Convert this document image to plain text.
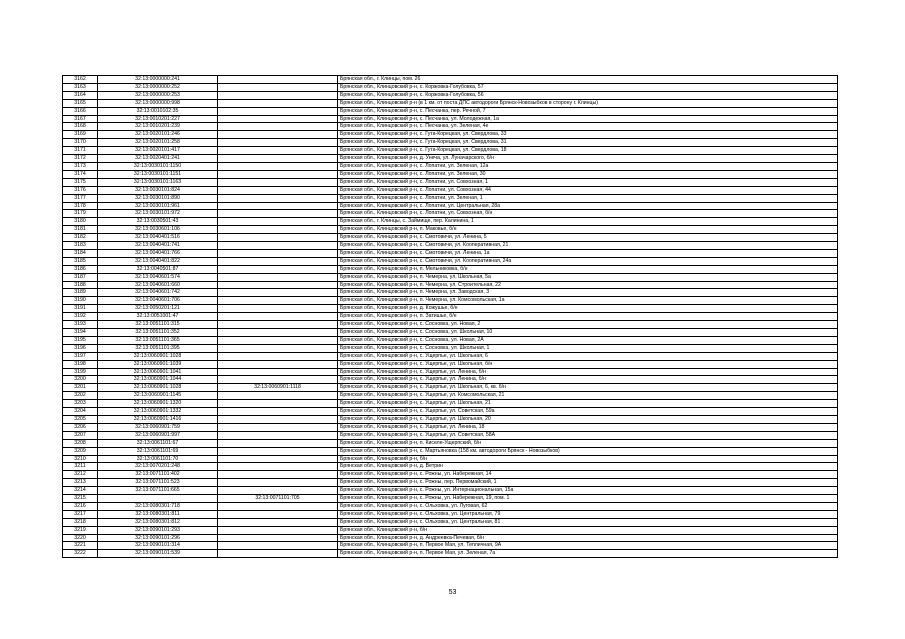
3162	32:13:0000000:241		Брянская обл., г. Клинцы, пом. 26
3163	32:13:0000000:252		Брянская обл., Клинцовский р-н, с. Коржовка-Голубовка, 57
3164	32:13:0000000:253		Брянская обл., Клинцовский р-н, с. Коржовка-Голубовка, 56
3165	32:13:0000000:998		Брянская обл., Клинцовский р-н (в 1 км. от поста ДПС автодороги Брянск-Новозыбков в сторону г. Клинцы)
3166	32:13:0010102:35		Брянская обл., Клинцовский р-н, с. Песчанка, пер. Речной, 7
3167	32:13:0010201:227		Брянская обл., Клинцовский р-н, с. Песчанка, ул. Молодежная, 1а
3168	32:13:0010201:239		Брянская обл., Клинцовский р-н, с. Песчанка, ул. Зеленая, 4е
3169	32:13:0020101:246		Брянская обл., Клинцовский р-н, с. Гута-Корецкая, ул. Свердлова, 33
3170	32:13:0020101:258		Брянская обл., Клинцовский р-н, с. Гута-Корецкая, ул. Свердлова, 31
3171	32:13:0020101:417		Брянская обл., Клинцовский р-н, с. Гута-Корецкая, ул. Свердлова, 18
3172	32:13:0020401:241		Брянская обл., Клинцовский р-н, д. Унеча, ул. Луначарского, б/н
3173	32:13:0030101:1150		Брянская обл., Клинцовский р-н, с. Лопатни, ул. Зеленая, 12а
3174	32:13:0030101:1151		Брянская обл., Клинцовский р-н, с. Лопатни, ул. Зеленая, 30
3175	32:13:0030101:1163		Брянская обл., Клинцовский р-н, с. Лопатни, ул. Совхозная, 1
3176	32:13:0030101:824		Брянская обл., Клинцовский р-н, с. Лопатни, ул. Совхозная, 44
3177	32:13:0030101:890		Брянская обл., Клинцовский р-н, с. Лопатни, ул. Зеленая, 1
3178	32:13:0030101:961		Брянская обл., Клинцовский р-н, с. Лопатни, ул. Центральная, 28а
3179	32:13:0030101:972		Брянская обл., Клинцовский р-н, с. Лопатни, ул. Совхозная, б/н
3180	32:13:0030501:43		Брянская обл., г. Клинцы, с. Займище, пер. Калинина, 1
3181	32:13:0030601:106		Брянская обл., Клинцовский р-н, п. Маковье, б/н
3182	32:13:0040401:516		Брянская обл., Клинцовский р-н, с. Смотовичи, ул. Ленина, 5
3183	32:13:0040401:741		Брянская обл., Клинцовский р-н, с. Смотовичи, ул. Кооперативная, 21
3184	32:13:0040401:766		Брянская обл., Клинцовский р-н, с. Смотовичи, ул. Ленина, 1а
3185	32:13:0040401:822		Брянская обл., Клинцовский р-н, с. Смотовичи, ул. Кооперативная, 24а
3186	32:13:0040501:87		Брянская обл., Клинцовский р-н, п. Мельниковка, б/н
3187	32:13:0040601:574		Брянская обл., Клинцовский р-н, п. Чемерна, ул. Школьная, 5а
3188	32:13:0040601:660		Брянская обл., Клинцовский р-н, п. Чемерна, ул. Строительная, 22
3189	32:13:0040601:742		Брянская обл., Клинцовский р-н, п. Чемерна, ул. Заводская, 3
3190	32:13:0040601:706		Брянская обл., Клинцовский р-н, п. Чемерна, ул. Комсомольская, 1а
3191	32:13:0050201:121		Брянская обл., Клинцовский р-н, д. Кожушье, б/н
3192	32:13:0051001:47		Брянская обл., Клинцовский р-н, п. Затишье, б/н
3193	32:13:0051101:315		Брянская обл., Клинцовский р-н, с. Сосновка, ул. Новая, 2
3194	32:13:0051101:352		Брянская обл., Клинцовский р-н, с. Сосновка, ул. Школьная, 10
3195	32:13:0051101:365		Брянская обл., Клинцовский р-н, с. Сосновка, ул. Новая, 2А
3196	32:13:0051101:395		Брянская обл., Клинцовский р-н, с. Сосновка, ул. Школьная, 1
3197	32:13:0060901:1028		Брянская обл., Клинцовский р-н, с. Ущерпье, ул. Школьная, 6
3198	32:13:0060901:1039		Брянская обл., Клинцовский р-н, с. Ущерпье, ул. Школьная, б/н
3199	32:13:0060901:1041		Брянская обл., Клинцовский р-н, с. Ущерпье, ул. Ленина, б/н
3200	32:13:0060901:1044		Брянская обл., Клинцовский р-н, с. Ущерпье, ул. Ленина, б/н
3201	32:13:0060901:1028	32:13:0060901:1118	Брянская обл., Клинцовский р-н, с. Ущерпье, ул. Школьная, 6, кв. б/н
3202	32:13:0060901:1145		Брянская обл., Клинцовский р-н, с. Ущерпье, ул. Комсомольская, 21
3203	32:13:0060901:1320		Брянская обл., Клинцовский р-н, с. Ущерпье, ул. Школьная, 21
3204	32:13:0060901:1332		Брянская обл., Клинцовский р-н, с. Ущерпье, ул. Советская, 59а
3205	32:13:0060901:1416		Брянская обл., Клинцовский р-н, с. Ущерпье, ул. Школьная, 20
3206	32:13:0060901:759		Брянская обл., Клинцовский р-н, с. Ущерпье, ул. Ленина, 18
3207	32:13:0060901:997		Брянская обл., Клинцовский р-н, с. Ущерпье, ул. Советская, 58А
3208	32:13:0061101:67		Брянская обл., Клинцовский р-н, п. Киселе-Ущерпский, б/н
3209	32:13:0061101:69		Брянская обл., Клинцовский р-н, с. Мартьяновка (158 км. автодороги Брянск - Новозыбков)
3210	32:13:0061101:70		Брянская обл., Клинцовский р-н, б/н
3211	32:13:0070201:248		Брянская обл., Клинцовский р-н, д. Ветрин
3212	32:13:0071101:402		Брянская обл., Клинцовский р-н, с. Рожны, ул. Набережная, 14
3213	32:13:0071101:523		Брянская обл., Клинцовский р-н, с. Рожны, пер. Первомайский, 1
3214	32:13:0071101:665		Брянская обл., Клинцовский р-н, с. Рожны, ул. Интернациональная, 15а
3215		32:13:0071101:705	Брянская обл., Клинцовский р-н, с. Рожны, ул. Набережная, 19, пом. 1
3216	32:13:0080301:718		Брянская обл., Клинцовский р-н, с. Ольховка, ул. Луговая, 62
3217	32:13:0080301:811		Брянская обл., Клинцовский р-н, с. Ольховка, ул. Центральная, 79
3218	32:13:0080301:812		Брянская обл., Клинцовский р-н, с. Ольховка, ул. Центральная, 81
3219	32:13:0090101:293		Брянская обл., Клинцовский р-н, б/н
3220	32:13:0090101:296		Брянская обл., Клинцовский р-н, д. Андреевка-Печевая, б/н
3221	32:13:0090101:314		Брянская обл., Клинцовский р-н, п. Первое Мая, ул. Тепличная, 9А
3222	32:13:0090101:539		Брянская обл., Клинцовский р-н, п. Первое Мая, ул. Зеленая, 7а
53
